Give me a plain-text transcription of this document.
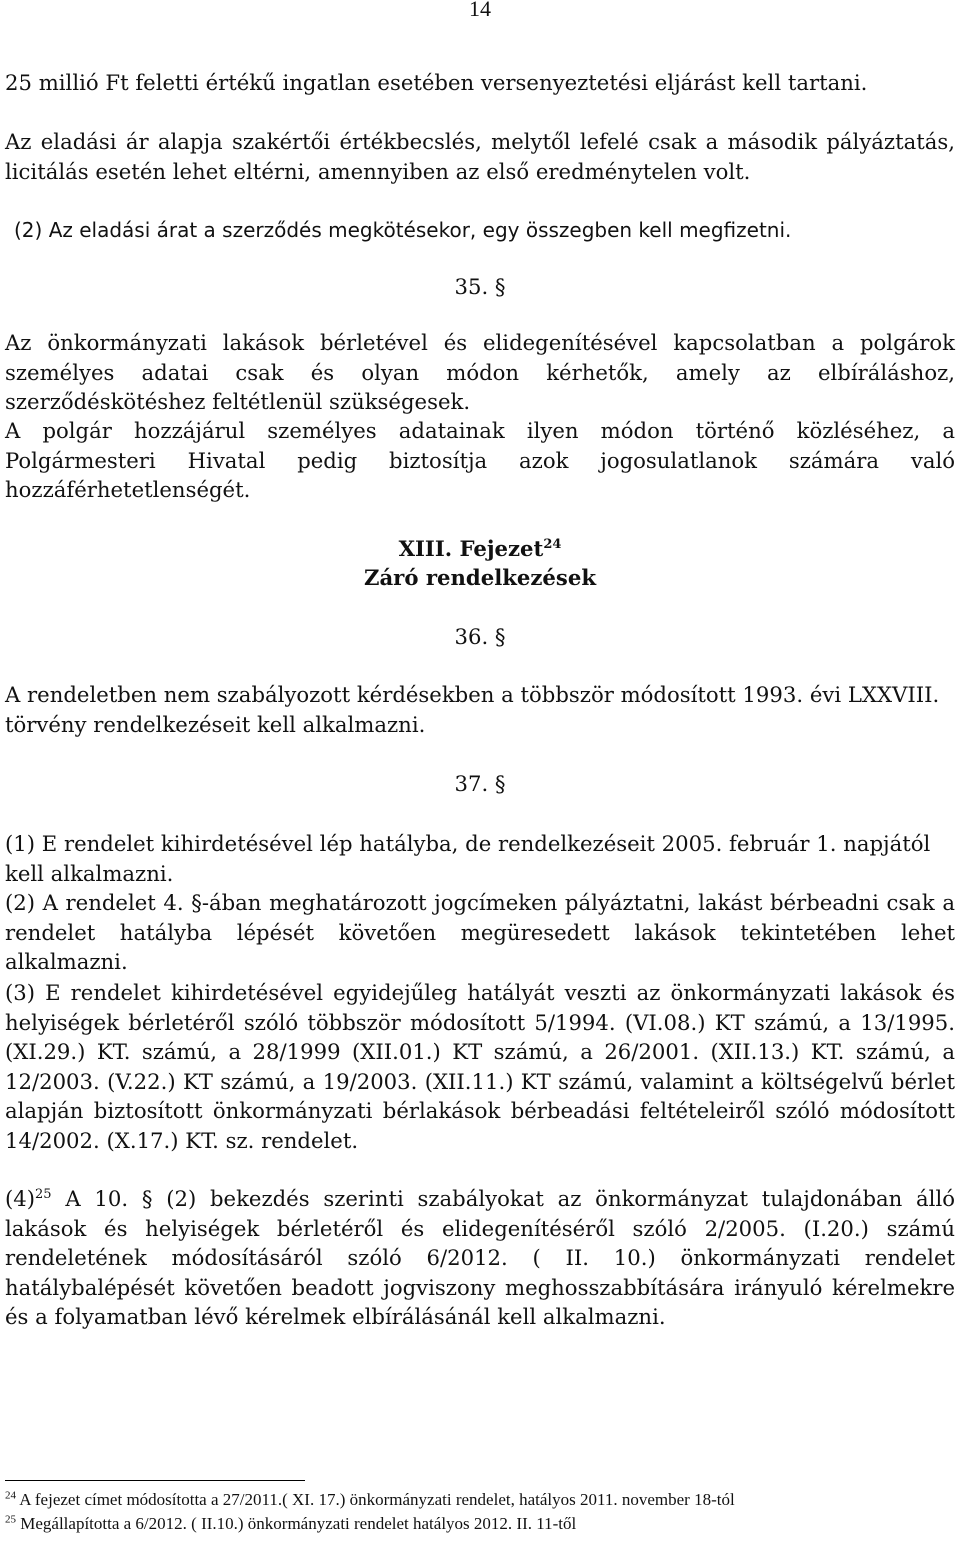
14
25 millió Ft feletti értékű ingatlan esetében versenyeztetési eljárást kell tartani.
Az eladási ár alapja szakértői értékbecslés, melytől lefelé csak a második pályáztatás, licitálás esetén lehet eltérni, amennyiben az első eredménytelen volt.
(2) Az eladási árat a szerződés megkötésekor, egy összegben kell megfizetni.
35. §
Az önkormányzati lakások bérletével és elidegenítésével kapcsolatban a polgárok személyes adatai csak és olyan módon kérhetők, amely az elbíráláshoz, szerződéskötéshez feltétlenül szükségesek.
A polgár hozzájárul személyes adatainak ilyen módon történő közléséhez, a Polgármesteri Hivatal pedig biztosítja azok jogosulatlanok számára való hozzáférhetetlenségét.
XIII. Fejezet$^{24}$
Záró rendelkezések
36. §
A rendeletben nem szabályozott kérdésekben a többször módosított 1993. évi LXXVIII. törvény rendelkezéseit kell alkalmazni.
37. §
(1) E rendelet kihirdetésével lép hatályba, de rendelkezéseit 2005. február 1. napjától kell alkalmazni.
(2) A rendelet 4. §-ában meghatározott jogcímeken pályáztatni, lakást bérbeadni csak a rendelet hatályba lépését követően megüresedett lakások tekintetében lehet alkalmazni.
(3) E rendelet kihirdetésével egyidejűleg hatályát veszti az önkormányzati lakások és helyiségek bérletéről szóló többször módosított 5/1994. (VI.08.) KT számú, a 13/1995. (XI.29.) KT. számú, a 28/1999 (XII.01.) KT számú, a 26/2001. (XII.13.) KT. számú, a 12/2003. (V.22.) KT számú, a 19/2003. (XII.11.) KT számú, valamint a költségelvű bérlet alapján biztosított önkormányzati bérlakások bérbeadási feltételeiről szóló módosított 14/2002. (X.17.) KT. sz. rendelet.
$(4)^{25}$ A 10. § (2) bekezdés szerinti szabályokat az önkormányzat tulajdonában álló lakások és helyiségek bérletéről és elidegenítéséről szóló 2/2005. (I.20.) számú rendeletének módosításáról szóló 6/2012. ( II. 10.) önkormányzati rendelet hatálybalépését követően beadott jogviszony meghosszabbítására irányuló kérelmekre és a folyamatban lévő kérelmek elbírálásánál kell alkalmazni.
$^{24}$ A fejezet címet módosította a 27/2011.( XI. 17.) önkormányzati rendelet, hatályos 2011. november 18-tól
$^{25}$ Megállapította a 6/2012. ( II.10.) önkormányzati rendelet hatályos 2012. II. 11-től
